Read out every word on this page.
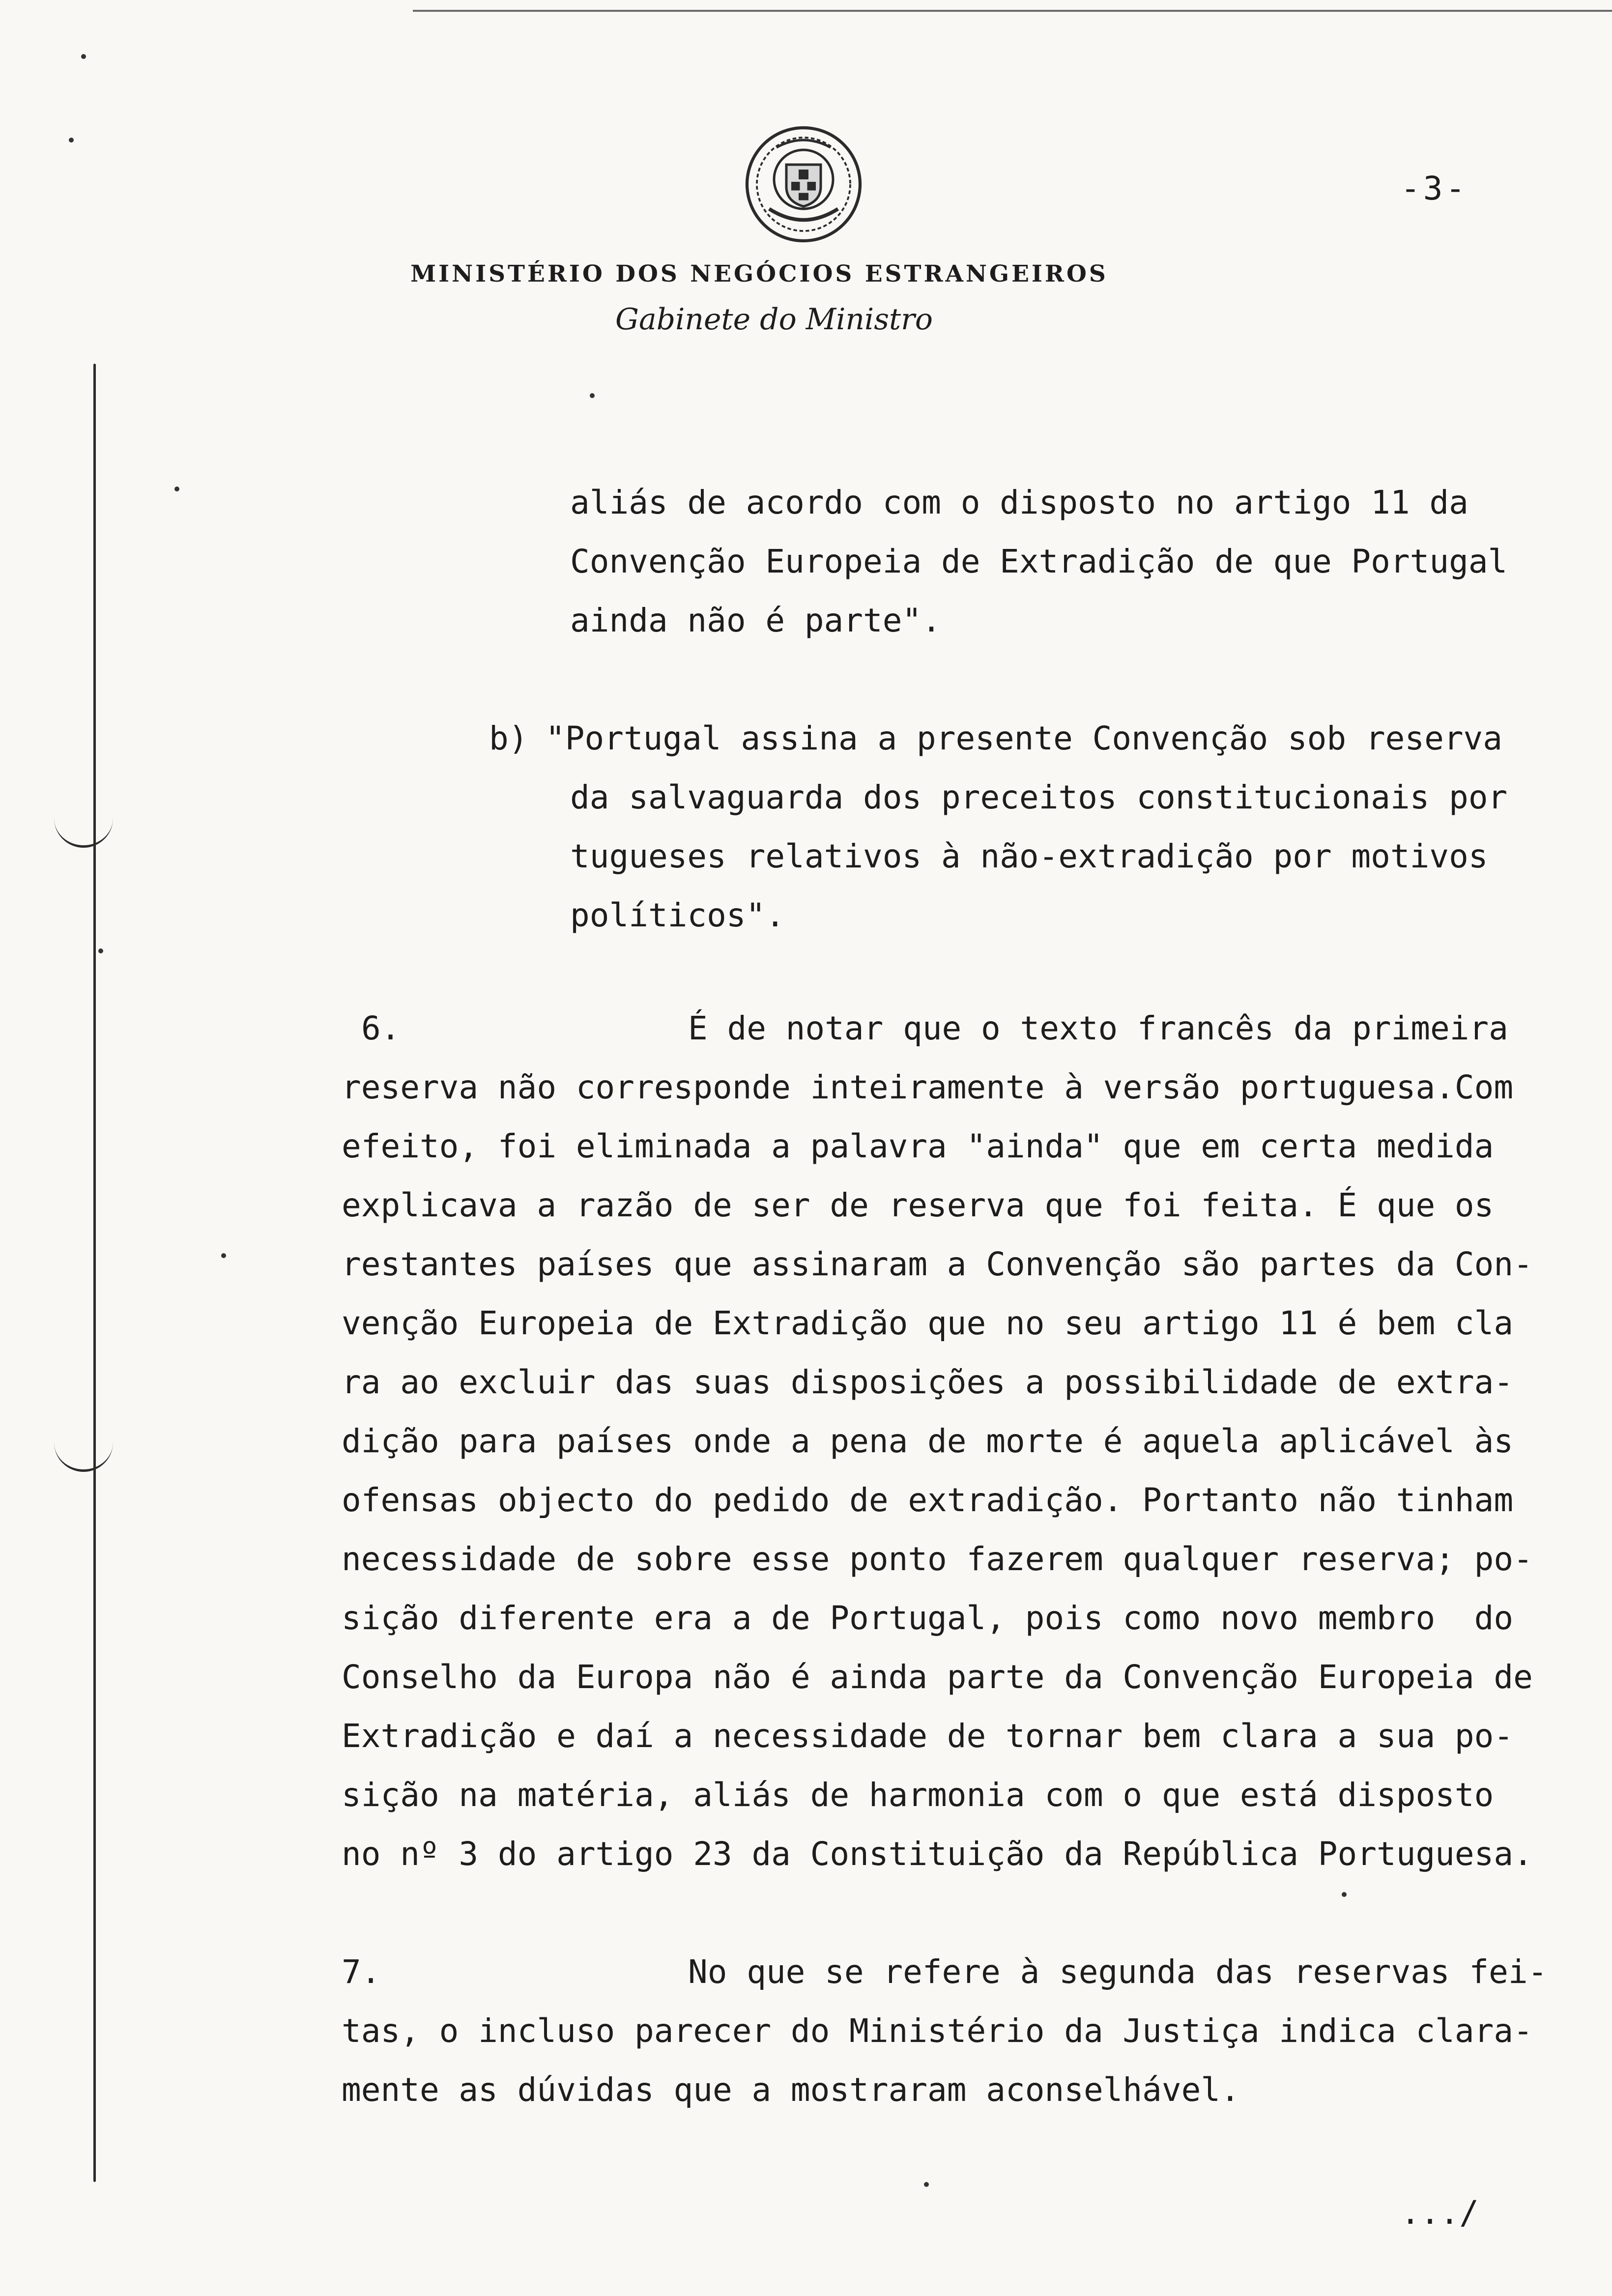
-3-
MINISTÉRIO DOS NEGÓCIOS ESTRANGEIROS
Gabinete do Ministro
aliás de acordo com o disposto no artigo 11 da
Convenção Europeia de Extradição de que Portugal
ainda não é parte".
b) "Portugal assina a presente Convenção sob reserva
da salvaguarda dos preceitos constitucionais por
tugueses relativos à não-extradição por motivos
políticos".
6.	É de notar que o texto francês da primeira
reserva não corresponde inteiramente à versão portuguesa.Com
efeito, foi eliminada a palavra "ainda" que em certa medida
explicava a razão de ser de reserva que foi feita. É que os
restantes países que assinaram a Convenção são partes da Con-
venção Europeia de Extradição que no seu artigo 11 é bem cla
ra ao excluir das suas disposições a possibilidade de extra-
dição para países onde a pena de morte é aquela aplicável às
ofensas objecto do pedido de extradição. Portanto não tinham
necessidade de sobre esse ponto fazerem qualquer reserva; po-
sição diferente era a de Portugal, pois como novo membro  do
Conselho da Europa não é ainda parte da Convenção Europeia de
Extradição e daí a necessidade de tornar bem clara a sua po-
sição na matéria, aliás de harmonia com o que está disposto
no nº 3 do artigo 23 da Constituição da República Portuguesa.
7.	No que se refere à segunda das reservas fei-
tas, o incluso parecer do Ministério da Justiça indica clara-
mente as dúvidas que a mostraram aconselhável.
.../
